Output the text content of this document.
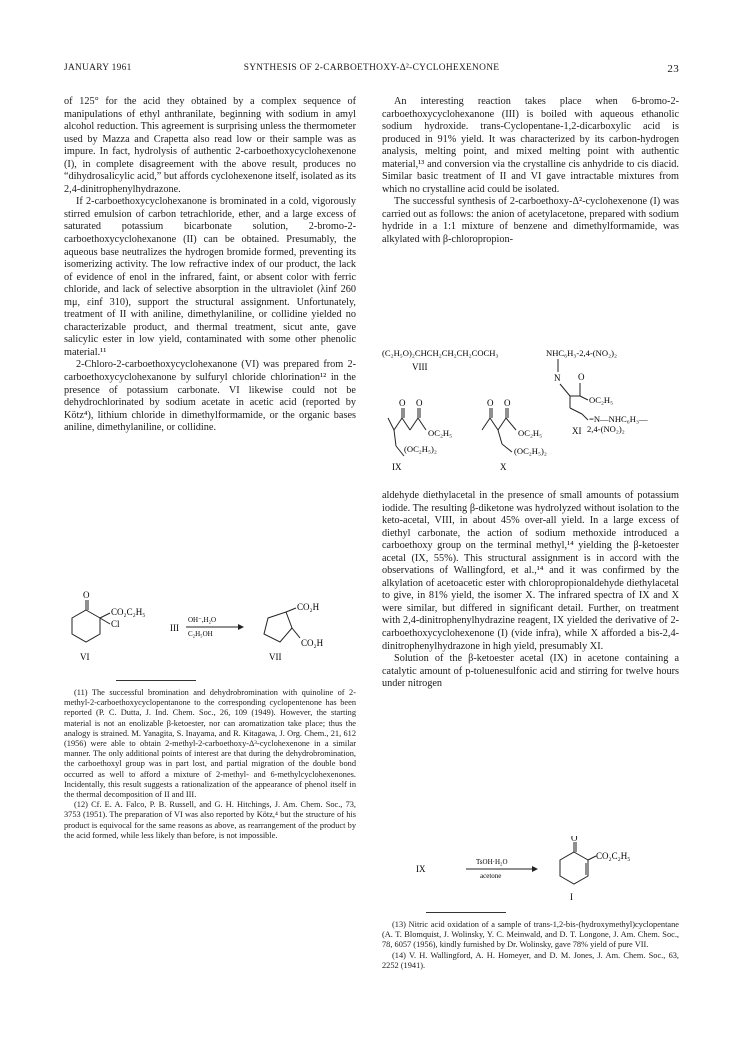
JANUARY 1961	SYNTHESIS OF 2-CARBOETHOXY-Δ²-CYCLOHEXENONE	23

of 125° for the acid they obtained by a complex sequence of manipulations of ethyl anthranilate, beginning with sodium in amyl alcohol reduction. This agreement is surprising unless the thermometer used by Mazza and Crapetta also read low or their sample was as impure. In fact, hydrolysis of authentic 2-carboethoxycyclohexenone (I), in complete disagreement with the above result, produces no “dihydrosalicylic acid,” but affords cyclohexenone itself, isolated as its 2,4-dinitrophenylhydrazone.

If 2-carboethoxycyclohexanone is brominated in a cold, vigorously stirred emulsion of carbon tetrachloride, ether, and a large excess of saturated potassium bicarbonate solution, 2-bromo-2-carboethoxycyclohexanone (II) can be obtained. Presumably, the aqueous base neutralizes the hydrogen bromide formed, preventing its isomerizing activity. The low refractive index of our product, the lack of evidence of enol in the infrared, faint, or absent color with ferric chloride, and lack of selective absorption in the ultraviolet (λinf 260 mμ, εinf 310), support the structural assignment. Unfortunately, treatment of II with aniline, dimethylaniline, or collidine yielded no characterizable product, and thermal treatment, sicut ante, gave salicylic ester in low yield, contaminated with some other phenolic material.¹¹

2-Chloro-2-carboethoxycyclohexanone (VI) was prepared from 2-carboethoxycyclohexanone by sulfuryl chloride chlorination¹² in the presence of potassium carbonate. VI likewise could not be dehydrochlorinated by sodium acetate in acetic acid (reported by Kötz⁴), lithium chloride in dimethylformamide, or the organic bases aniline, dimethylaniline, or collidine.

O
CO₂C₂H₅
Cl
VI
III
OH⁻,H₂O
C₂H₅OH
CO₂H
CO₂H
VII

(11) The successful bromination and dehydrobromination with quinoline of 2-methyl-2-carboethoxycyclopentanone to the corresponding cyclopentenone has been reported (P. C. Dutta, J. Ind. Chem. Soc., 26, 109 (1949). However, the starting material is not an enolizable β-ketoester, nor can aromatization take place; thus the analogy is strained. M. Yanagita, S. Inayama, and R. Kitagawa, J. Org. Chem., 21, 612 (1956) were able to obtain 2-methyl-2-carboethoxy-Δ³-cyclohexenone in a similar manner. The only additional points of interest are that during the dehydrobromination, the carboethoxyl group was in part lost, and partial migration of the double bond occurred as well to afford a mixture of 2-methyl- and 6-methylcyclohexenones. Incidentally, this result suggests a rationalization of the appearance of phenol itself in the thermal decomposition of II and III.

(12) Cf. E. A. Falco, P. B. Russell, and G. H. Hitchings, J. Am. Chem. Soc., 73, 3753 (1951). The preparation of VI was also reported by Kötz,⁴ but the structure of his product is equivocal for the same reasons as above, as rearrangement of the product by the acid formed, while less likely than before, is not impossible.

An interesting reaction takes place when 6-bromo-2-carboethoxycyclohexanone (III) is boiled with aqueous ethanolic sodium hydroxide. trans-Cyclopentane-1,2-dicarboxylic acid is produced in 91% yield. It was characterized by its carbon-hydrogen analysis, melting point, and mixed melting point with authentic material,¹³ and conversion via the crystalline cis anhydride to cis diacid. Similar basic treatment of II and VI gave intractable mixtures from which no crystalline acid could be isolated.

The successful synthesis of 2-carboethoxy-Δ²-cyclohexenone (I) was carried out as follows: the anion of acetylacetone, prepared with sodium hydride in a 1:1 mixture of benzene and dimethylformamide, was alkylated with β-chloropropion-

(C₂H₅O)₂CHCH₂CH₂CH₂COCH₃
VIII
NHC₆H₃-2,4-(NO₂)₂
N O
OC₂H₅
=N—NHC₆H₃—
XI 2,4-(NO₂)₂
O O
OC₂H₅
(OC₂H₅)₂
IX
O O
OC₂H₅
(OC₂H₅)₂
X

aldehyde diethylacetal in the presence of small amounts of potassium iodide. The resulting β-diketone was hydrolyzed without isolation to the keto-acetal, VIII, in about 45% over-all yield. In a large excess of diethyl carbonate, the action of sodium methoxide introduced a carboethoxy group on the terminal methyl,¹⁴ yielding the β-ketoester acetal (IX, 55%). This structural assignment is in accord with the observations of Wallingford, et al.,¹⁴ and it was confirmed by the alkylation of acetoacetic ester with chloropropionaldehyde diethylacetal to give, in 81% yield, the isomer X. The infrared spectra of IX and X were similar, but differed in significant detail. Further, on treatment with 2,4-dinitrophenylhydrazine reagent, IX yielded the derivative of 2-carboethoxycyclohexenone (I) (vide infra), while X afforded a bis-2,4-dinitrophenylhydrazone in high yield, presumably XI.

Solution of the β-ketoester acetal (IX) in acetone containing a catalytic amount of p-toluenesulfonic acid and stirring for twelve hours under nitrogen

IX
TsOH·H₂O
acetone
O
CO₂C₂H₅
I

(13) Nitric acid oxidation of a sample of trans-1,2-bis-(hydroxymethyl)cyclopentane (A. T. Blomquist, J. Wolinsky, Y. C. Meinwald, and D. T. Longone, J. Am. Chem. Soc., 78, 6057 (1956), kindly furnished by Dr. Wolinsky, gave 78% yield of pure VII.

(14) V. H. Wallingford, A. H. Homeyer, and D. M. Jones, J. Am. Chem. Soc., 63, 2252 (1941).
